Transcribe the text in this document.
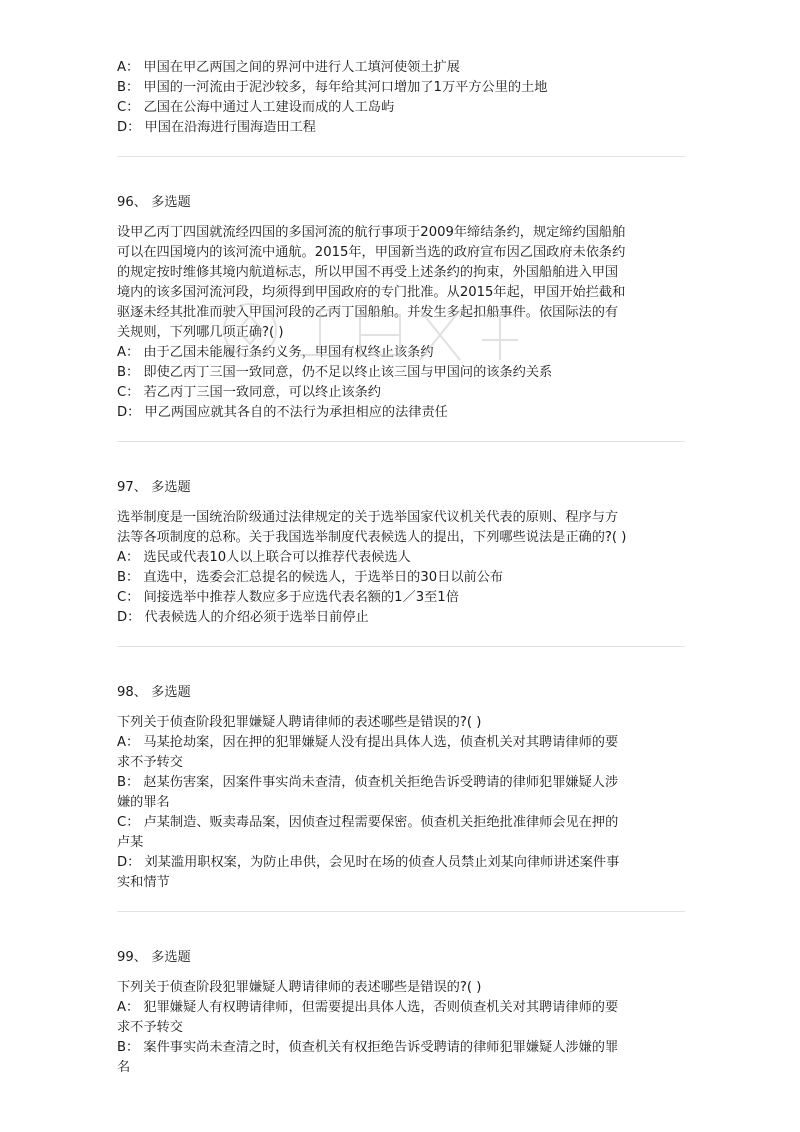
A： 甲国在甲乙两国之间的界河中进行人工填河使领土扩展
B： 甲国的一河流由于泥沙较多，每年给其河口增加了1万平方公里的土地
C： 乙国在公海中通过人工建设而成的人工岛屿
D： 甲国在沿海进行围海造田工程
96、 多选题
设甲乙丙丁四国就流经四国的多国河流的航行事项于2009年缔结条约，规定缔约国船舶
可以在四国境内的该河流中通航。2015年，甲国新当选的政府宣布因乙国政府未依条约
的规定按时维修其境内航道标志，所以甲国不再受上述条约的拘束，外国船舶进入甲国
境内的该多国河流河段，均须得到甲国政府的专门批准。从2015年起，甲国开始拦截和
驱逐未经其批准而驶入甲国河段的乙丙丁国船舶。并发生多起扣船事件。依国际法的有
关规则，下列哪几项正确?( )
A： 由于乙国未能履行条约义务，甲国有权终止该条约
B： 即使乙丙丁三国一致同意，仍不足以终止该三国与甲国问的该条约关系
C： 若乙丙丁三国一致同意，可以终止该条约
D： 甲乙两国应就其各自的不法行为承担相应的法律责任
97、 多选题
选举制度是一国统治阶级通过法律规定的关于选举国家代议机关代表的原则、程序与方
法等各项制度的总称。关于我国选举制度代表候选人的提出，下列哪些说法是正确的?( )
A： 选民或代表10人以上联合可以推荐代表候选人
B： 直选中，选委会汇总提名的候选人，于选举日的30日以前公布
C： 间接选举中推荐人数应多于应选代表名额的1／3至1倍
D： 代表候选人的介绍必须于选举日前停止
98、 多选题
下列关于侦查阶段犯罪嫌疑人聘请律师的表述哪些是错误的?( )
A： 马某抢劫案，因在押的犯罪嫌疑人没有提出具体人选，侦查机关对其聘请律师的要
求不予转交
B： 赵某伤害案，因案件事实尚未查清，侦查机关拒绝告诉受聘请的律师犯罪嫌疑人涉
嫌的罪名
C： 卢某制造、贩卖毒品案，因侦查过程需要保密。侦查机关拒绝批准律师会见在押的
卢某
D： 刘某滥用职权案，为防止串供，会见时在场的侦查人员禁止刘某向律师讲述案件事
实和情节
99、 多选题
下列关于侦查阶段犯罪嫌疑人聘请律师的表述哪些是错误的?( )
A： 犯罪嫌疑人有权聘请律师，但需要提出具体人选，否则侦查机关对其聘请律师的要
求不予转交
B： 案件事实尚未查清之时，侦查机关有权拒绝告诉受聘请的律师犯罪嫌疑人涉嫌的罪
名
